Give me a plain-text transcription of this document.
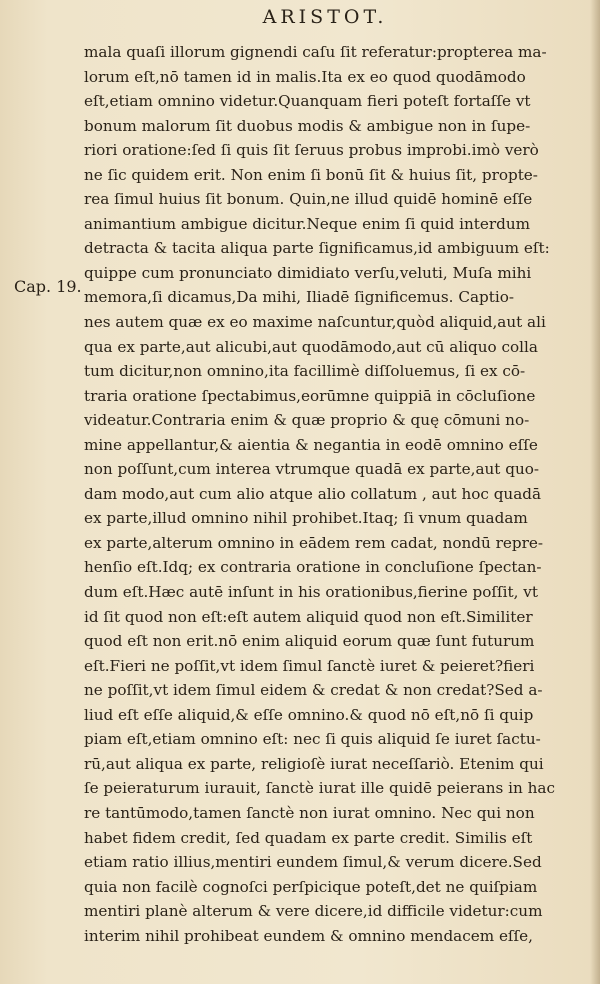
ARISTOT.
Cap. 19.
mala quaſi illorum gignendi caſu ſit referatur:propterea ma-
lorum eſt,nō tamen id in malis.Ita ex eo quod quodāmodo
eſt,etiam omnino videtur.Quanquam fieri poteſt fortaſſe vt
bonum malorum ſit duobus modis & ambigue non in ſupe-
riori oratione:ſed ſi quis ſit ſeruus probus improbi.imò verò
ne ſic quidem erit. Non enim ſi bonū ſit & huius ſit, propte-
rea ſimul huius ſit bonum. Quin,ne illud quidē hominē eſſe
animantium ambigue dicitur.Neque enim ſi quid interdum
detracta & tacita aliqua parte ſignificamus,id ambiguum eſt:
quippe cum pronunciato dimidiato verſu,veluti, Muſa mihi
memora,ſi dicamus,Da mihi, Iliadē ſignificemus. Captio-
nes autem quæ ex eo maxime naſcuntur,quòd aliquid,aut ali
qua ex parte,aut alicubi,aut quodāmodo,aut cū aliquo colla
tum dicitur,non omnino,ita facillimè diſſoluemus, ſi ex cō-
traria oratione ſpectabimus,eorūmne quippiā in cōcluſione
videatur.Contraria enim & quæ proprio & quę cōmuni no-
mine appellantur,& aientia & negantia in eodē omnino eſſe
non poſſunt,cum interea vtrumque quadā ex parte,aut quo-
dam modo,aut cum alio atque alio collatum , aut hoc quadā
ex parte,illud omnino nihil prohibet.Itaq; ſi vnum quadam
ex parte,alterum omnino in eādem rem cadat, nondū repre-
henſio eſt.Idq; ex contraria oratione in concluſione ſpectan-
dum eſt.Hæc autē inſunt in his orationibus,fierine poſſit, vt
id ſit quod non eſt:eſt autem aliquid quod non eſt.Similiter
quod eſt non erit.nō enim aliquid eorum quæ ſunt futurum
eſt.Fieri ne poſſit,vt idem ſimul ſanctè iuret & peieret?fieri
ne poſſit,vt idem ſimul eidem & credat & non credat?Sed a-
liud eſt eſſe aliquid,& eſſe omnino.& quod nō eſt,nō ſi quip
piam eſt,etiam omnino eſt: nec ſi quis aliquid ſe iuret ſactu-
rū,aut aliqua ex parte, religioſè iurat neceſſariò. Etenim qui
ſe peieraturum iurauit, ſanctè iurat ille quidē peierans in hac
re tantūmodo,tamen ſanctè non iurat omnino. Nec qui non
habet fidem credit, ſed quadam ex parte credit. Similis eſt
etiam ratio illius,mentiri eundem ſimul,& verum dicere.Sed
quia non facilè cognoſci perſpicique poteſt,det ne quiſpiam
mentiri planè alterum & vere dicere,id difficile videtur:cum
interim nihil prohibeat eundem & omnino mendacem eſſe,
